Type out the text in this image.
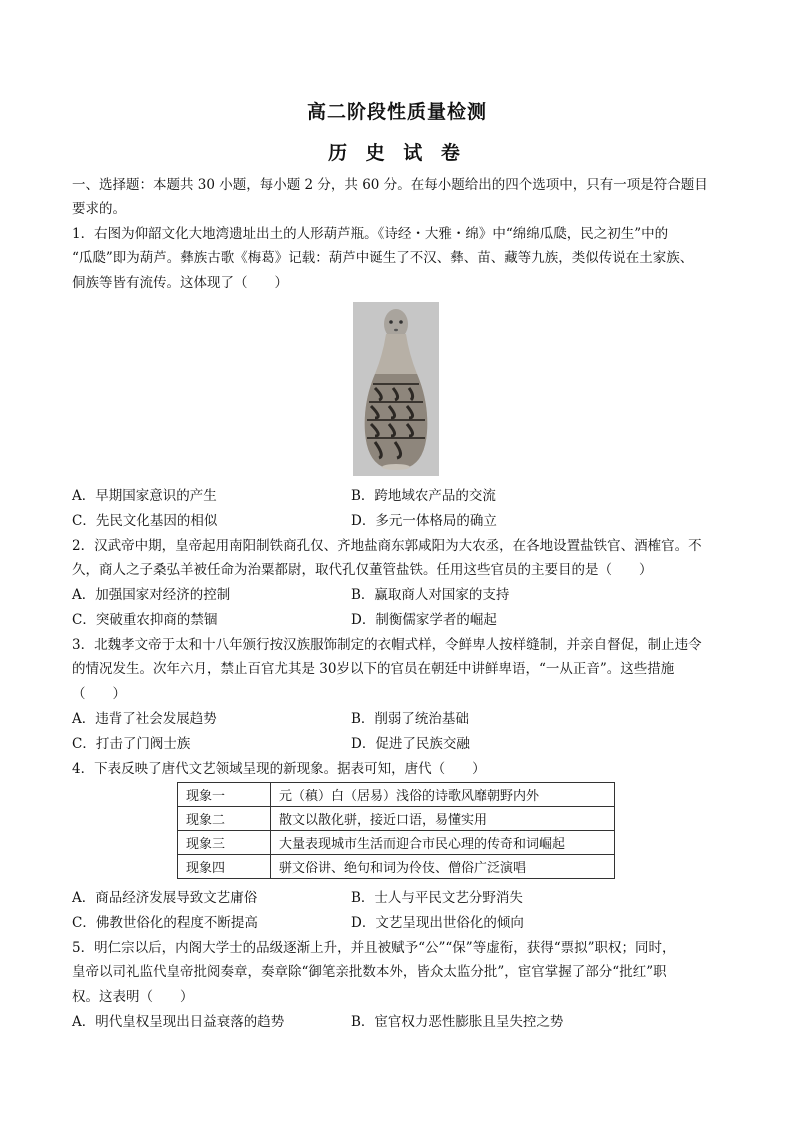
高二阶段性质量检测
历 史 试 卷
一、选择题：本题共 30 小题，每小题 2 分，共 60 分。在每小题给出的四个选项中，只有一项是符合题目
要求的。
1．右图为仰韶文化大地湾遗址出土的人形葫芦瓶。《诗经・大雅・绵》中“绵绵瓜瓞，民之初生”中的
“瓜瓞”即为葫芦。彝族古歌《梅葛》记载：葫芦中诞生了不汉、彝、苗、藏等九族，类似传说在土家族、
侗族等皆有流传。这体现了（　　）
A．早期国家意识的产生	B．跨地域农产品的交流
C．先民文化基因的相似	D．多元一体格局的确立
2．汉武帝中期，皇帝起用南阳制铁商孔仅、齐地盐商东郭咸阳为大农丞，在各地设置盐铁官、酒榷官。不
久，商人之子桑弘羊被任命为治粟都尉，取代孔仅董管盐铁。任用这些官员的主要目的是（　　）
A．加强国家对经济的控制	B．赢取商人对国家的支持
C．突破重农抑商的禁锢	D．制衡儒家学者的崛起
3．北魏孝文帝于太和十八年颁行按汉族服饰制定的衣帽式样，令鲜卑人按样缝制，并亲自督促，制止违令
的情况发生。次年六月，禁止百官尤其是 30岁以下的官员在朝廷中讲鲜卑语，“一从正音”。这些措施
（　　）
A．违背了社会发展趋势	B．削弱了统治基础
C．打击了门阀士族	D．促进了民族交融
4．下表反映了唐代文艺领域呈现的新现象。据表可知，唐代（　　）
现象一	元（稹）白（居易）浅俗的诗歌风靡朝野内外
现象二	散文以散化骈，接近口语，易懂实用
现象三	大量表现城市生活而迎合市民心理的传奇和词崛起
现象四	骈文俗讲、绝句和词为伶伎、僧俗广泛演唱
A．商品经济发展导致文艺庸俗	B．士人与平民文艺分野消失
C．佛教世俗化的程度不断提高	D．文艺呈现出世俗化的倾向
5．明仁宗以后，内阁大学士的品级逐渐上升，并且被赋予“公”“保”等虚衔，获得“票拟”职权；同时，
皇帝以司礼监代皇帝批阅奏章，奏章除“御笔亲批数本外，皆众太监分批”，宦官掌握了部分“批红”职
权。这表明（　　）
A．明代皇权呈现出日益衰落的趋势	B．宦官权力恶性膨胀且呈失控之势
